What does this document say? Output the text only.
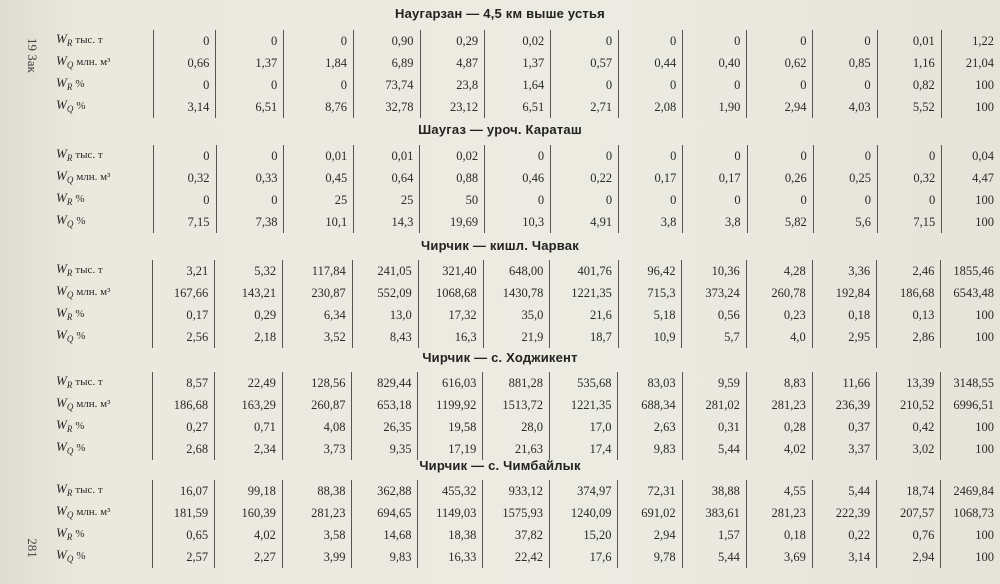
19 Зак
281
Наугарзан — 4,5 км выше устья
$W_R$ тыс. т	0	0	0	0,90	0,29	0,02	0	0	0	0	0	0,01	1,22
$W_Q$ млн. м³	0,66	1,37	1,84	6,89	4,87	1,37	0,57	0,44	0,40	0,62	0,85	1,16	21,04
$W_R$ %	0	0	0	73,74	23,8	1,64	0	0	0	0	0	0,82	100
$W_Q$ %	3,14	6,51	8,76	32,78	23,12	6,51	2,71	2,08	1,90	2,94	4,03	5,52	100
Шаугаз — уроч. Караташ
$W_R$ тыс. т	0	0	0,01	0,01	0,02	0	0	0	0	0	0	0	0,04
$W_Q$ млн. м³	0,32	0,33	0,45	0,64	0,88	0,46	0,22	0,17	0,17	0,26	0,25	0,32	4,47
$W_R$ %	0	0	25	25	50	0	0	0	0	0	0	0	100
$W_Q$ %	7,15	7,38	10,1	14,3	19,69	10,3	4,91	3,8	3,8	5,82	5,6	7,15	100
Чирчик — кишл. Чарвак
$W_R$ тыс. т	3,21	5,32	117,84	241,05	321,40	648,00	401,76	96,42	10,36	4,28	3,36	2,46	1855,46
$W_Q$ млн. м³	167,66	143,21	230,87	552,09	1068,68	1430,78	1221,35	715,3	373,24	260,78	192,84	186,68	6543,48
$W_R$ %	0,17	0,29	6,34	13,0	17,32	35,0	21,6	5,18	0,56	0,23	0,18	0,13	100
$W_Q$ %	2,56	2,18	3,52	8,43	16,3	21,9	18,7	10,9	5,7	4,0	2,95	2,86	100
Чирчик — с. Ходжикент
$W_R$ тыс. т	8,57	22,49	128,56	829,44	616,03	881,28	535,68	83,03	9,59	8,83	11,66	13,39	3148,55
$W_Q$ млн. м³	186,68	163,29	260,87	653,18	1199,92	1513,72	1221,35	688,34	281,02	281,23	236,39	210,52	6996,51
$W_R$ %	0,27	0,71	4,08	26,35	19,58	28,0	17,0	2,63	0,31	0,28	0,37	0,42	100
$W_Q$ %	2,68	2,34	3,73	9,35	17,19	21,63	17,4	9,83	5,44	4,02	3,37	3,02	100
Чирчик — с. Чимбайлык
$W_R$ тыс. т	16,07	99,18	88,38	362,88	455,32	933,12	374,97	72,31	38,88	4,55	5,44	18,74	2469,84
$W_Q$ млн. м³	181,59	160,39	281,23	694,65	1149,03	1575,93	1240,09	691,02	383,61	281,23	222,39	207,57	1068,73
$W_R$ %	0,65	4,02	3,58	14,68	18,38	37,82	15,20	2,94	1,57	0,18	0,22	0,76	100
$W_Q$ %	2,57	2,27	3,99	9,83	16,33	22,42	17,6	9,78	5,44	3,69	3,14	2,94	100
